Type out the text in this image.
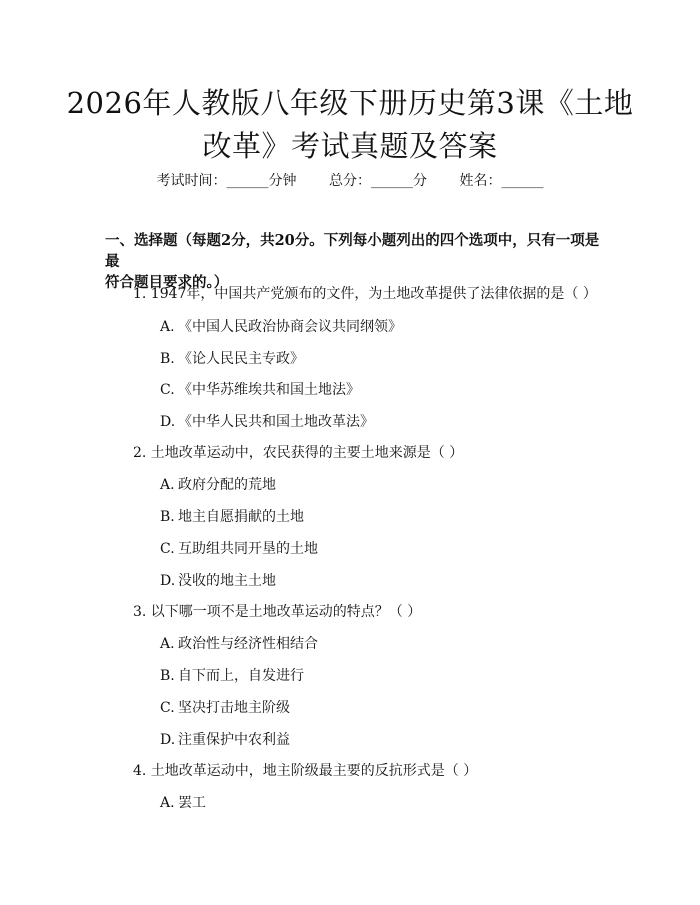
2026年人教版八年级下册历史第3课《土地
改革》考试真题及答案
考试时间：______分钟 总分：______分 姓名：______
一、选择题（每题2分，共20分。下列每小题列出的四个选项中，只有一项是最
符合题目要求的。）
1. 1947年，中国共产党颁布的文件，为土地改革提供了法律依据的是（ ）
A. 《中国人民政治协商会议共同纲领》
B. 《论人民民主专政》
C. 《中华苏维埃共和国土地法》
D. 《中华人民共和国土地改革法》
2. 土地改革运动中，农民获得的主要土地来源是（ ）
A. 政府分配的荒地
B. 地主自愿捐献的土地
C. 互助组共同开垦的土地
D. 没收的地主土地
3. 以下哪一项不是土地改革运动的特点？（ ）
A. 政治性与经济性相结合
B. 自下而上，自发进行
C. 坚决打击地主阶级
D. 注重保护中农利益
4. 土地改革运动中，地主阶级最主要的反抗形式是（ ）
A. 罢工
